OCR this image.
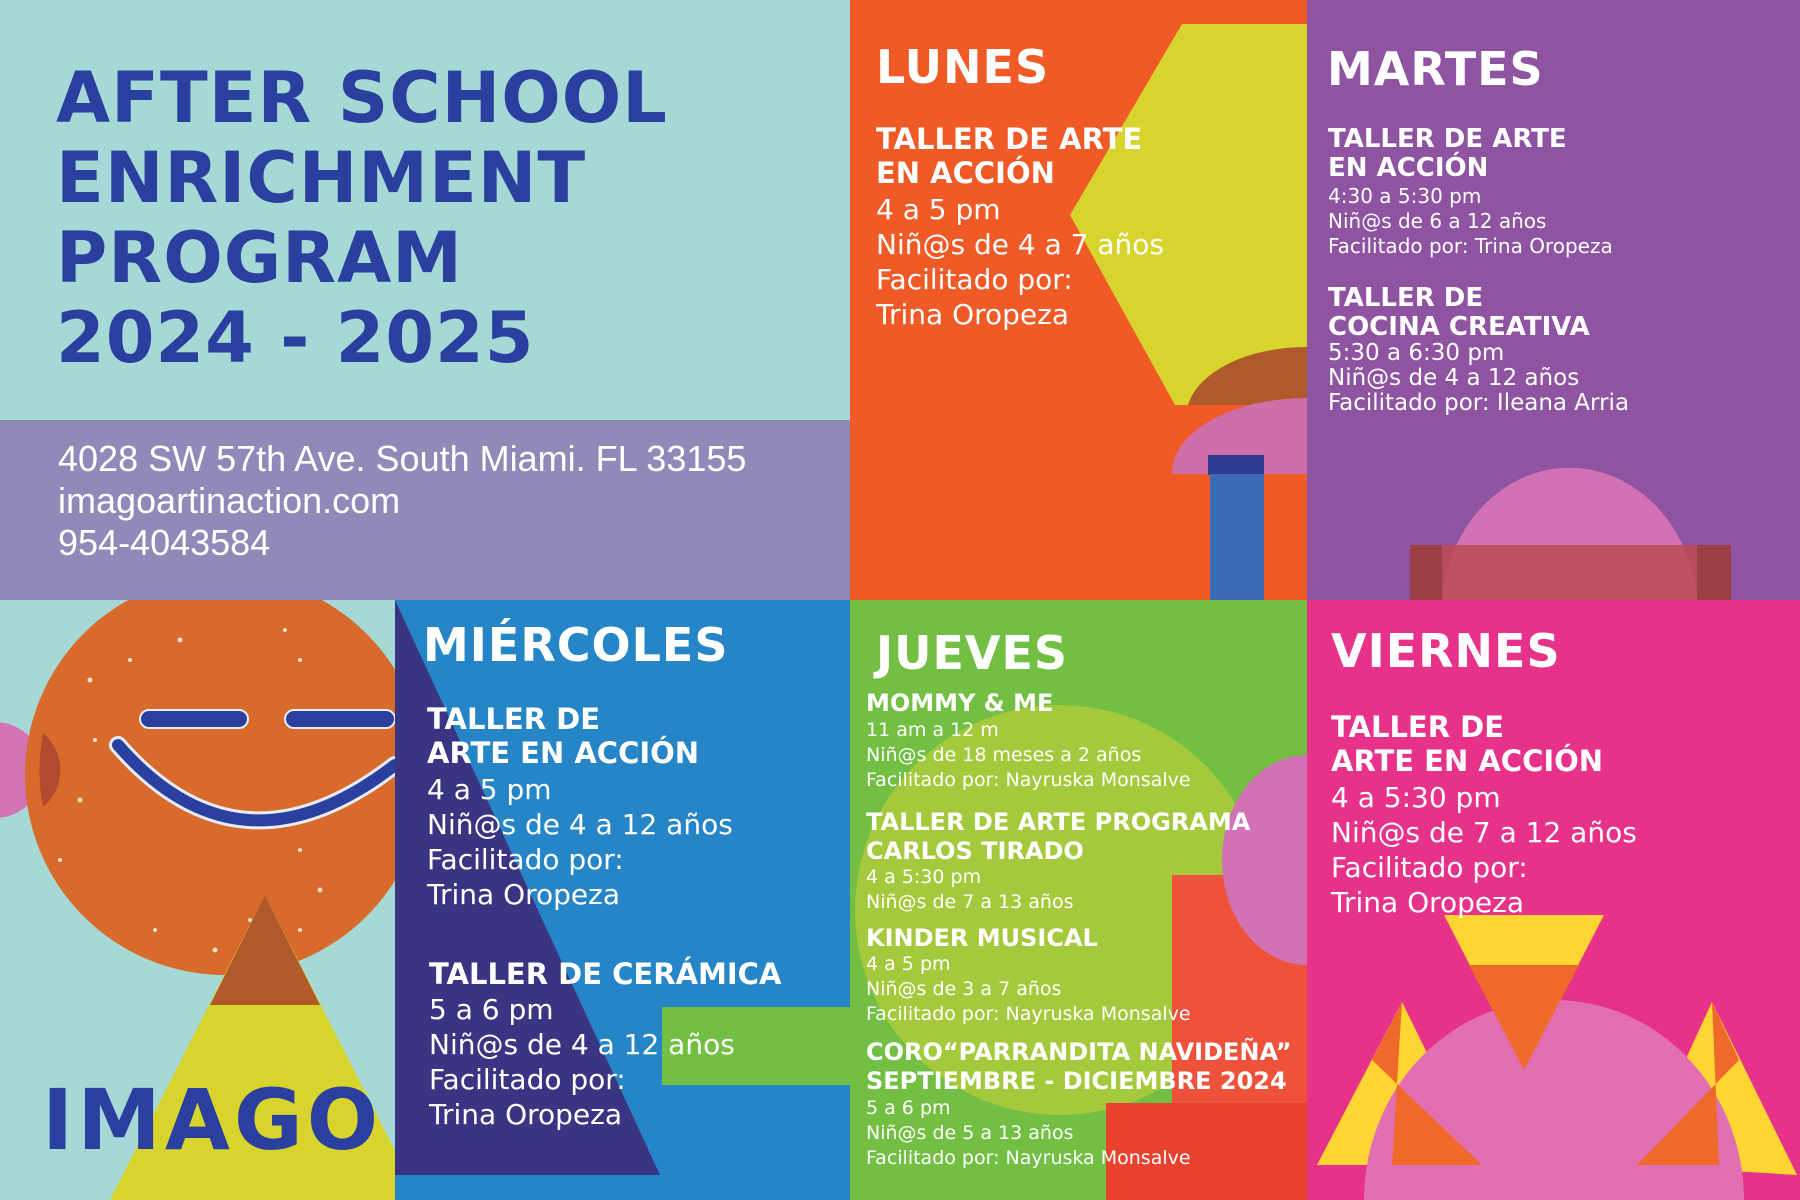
AFTER SCHOOL
ENRICHMENT
PROGRAM
2024 - 2025
4028 SW 57th Ave. South Miami. FL 33155
imagoartinaction.com
954-4043584
LUNES
TALLER DE ARTE
EN ACCIÓN
4 a 5 pm
Niñ@s de 4 a 7 años
Facilitado por:
Trina Oropeza
MARTES
TALLER DE ARTE
EN ACCIÓN
4:30 a 5:30 pm
Niñ@s de 6 a 12 años
Facilitado por: Trina Oropeza
TALLER DE
COCINA CREATIVA
5:30 a 6:30 pm
Niñ@s de 4 a 12 años
Facilitado por: Ileana Arria
IMAGO
MIÉRCOLES
TALLER DE
ARTE EN ACCIÓN
4 a 5 pm
Niñ@s de 4 a 12 años
Facilitado por:
Trina Oropeza
TALLER DE CERÁMICA
5 a 6 pm
Niñ@s de 4 a 12 años
Facilitado por:
Trina Oropeza
JUEVES
MOMMY & ME
11 am a 12 m
Niñ@s de 18 meses a 2 años
Facilitado por: Nayruska Monsalve
TALLER DE ARTE PROGRAMA
CARLOS TIRADO
4 a 5:30 pm
Niñ@s de 7 a 13 años
KINDER MUSICAL
4 a 5 pm
Niñ@s de 3 a 7 años
Facilitado por: Nayruska Monsalve
CORO“PARRANDITA NAVIDEÑA”
SEPTIEMBRE - DICIEMBRE 2024
5 a 6 pm
Niñ@s de 5 a 13 años
Facilitado por: Nayruska Monsalve
VIERNES
TALLER DE
ARTE EN ACCIÓN
4 a 5:30 pm
Niñ@s de 7 a 12 años
Facilitado por:
Trina Oropeza
